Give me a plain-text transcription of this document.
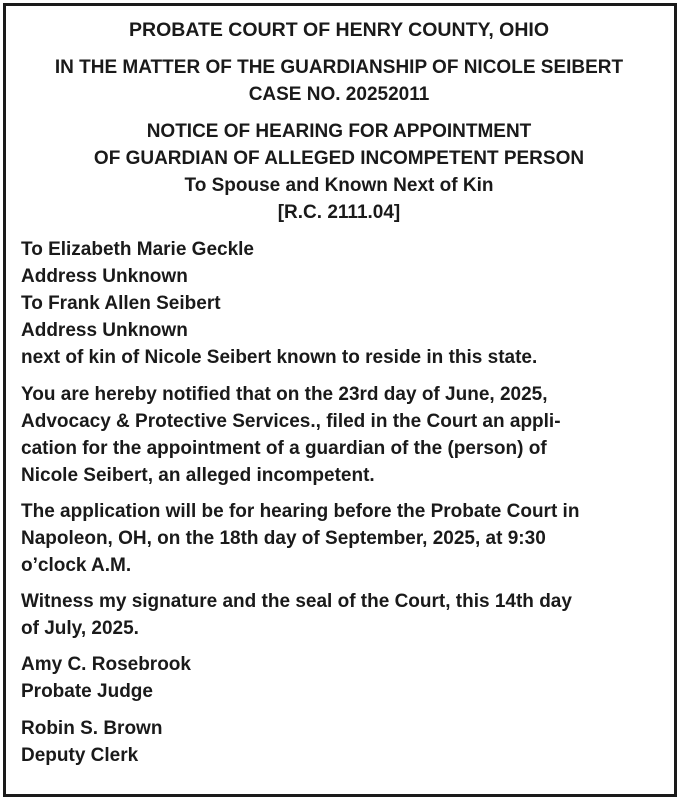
PROBATE COURT OF HENRY COUNTY, OHIO
IN THE MATTER OF THE GUARDIANSHIP OF NICOLE SEIBERT
CASE NO. 20252011
NOTICE OF HEARING FOR APPOINTMENT
OF GUARDIAN OF ALLEGED INCOMPETENT PERSON
To Spouse and Known Next of Kin
[R.C. 2111.04]
To Elizabeth Marie Geckle
Address Unknown
To Frank Allen Seibert
Address Unknown
next of kin of Nicole Seibert known to reside in this state.
You are hereby notified that on the 23rd day of June, 2025,
Advocacy & Protective Services., filed in the Court an appli-
cation for the appointment of a guardian of the (person) of
Nicole Seibert, an alleged incompetent.
The application will be for hearing before the Probate Court in
Napoleon, OH, on the 18th day of September, 2025, at 9:30
o’clock A.M.
Witness my signature and the seal of the Court, this 14th day
of July, 2025.
Amy C. Rosebrook
Probate Judge
Robin S. Brown
Deputy Clerk
